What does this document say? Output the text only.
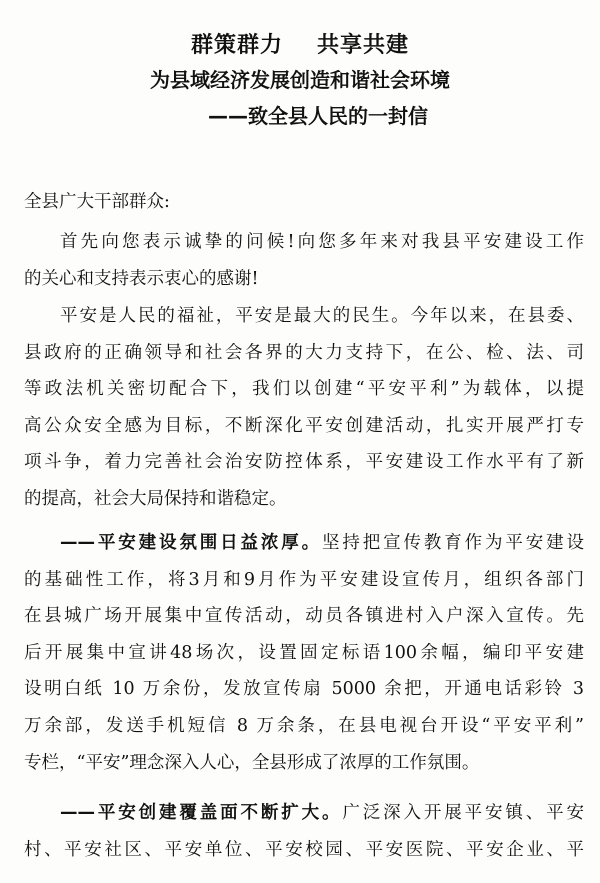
群策群力 共享共建
为县域经济发展创造和谐社会环境
——致全县人民的一封信
全县广大干部群众:
首先向您表示诚挚的问候!向您多年来对我县平安建设工作
的关心和支持表示衷心的感谢!
平安是人民的福祉，平安是最大的民生。今年以来，在县委、
县政府的正确领导和社会各界的大力支持下，在公、检、法、司
等政法机关密切配合下，我们以创建“平安平利”为载体，以提
高公众安全感为目标，不断深化平安创建活动，扎实开展严打专
项斗争，着力完善社会治安防控体系，平安建设工作水平有了新
的提高，社会大局保持和谐稳定。
——平安建设氛围日益浓厚。坚持把宣传教育作为平安建设
的基础性工作，将3月和9月作为平安建设宣传月，组织各部门
在县城广场开展集中宣传活动，动员各镇进村入户深入宣传。先
后开展集中宣讲48场次，设置固定标语100余幅，编印平安建
设明白纸 10 万余份，发放宣传扇 5000 余把，开通电话彩铃 3
万余部，发送手机短信 8 万余条，在县电视台开设“平安平利”
专栏，“平安”理念深入人心，全县形成了浓厚的工作氛围。
——平安创建覆盖面不断扩大。广泛深入开展平安镇、平安
村、平安社区、平安单位、平安校园、平安医院、平安企业、平
